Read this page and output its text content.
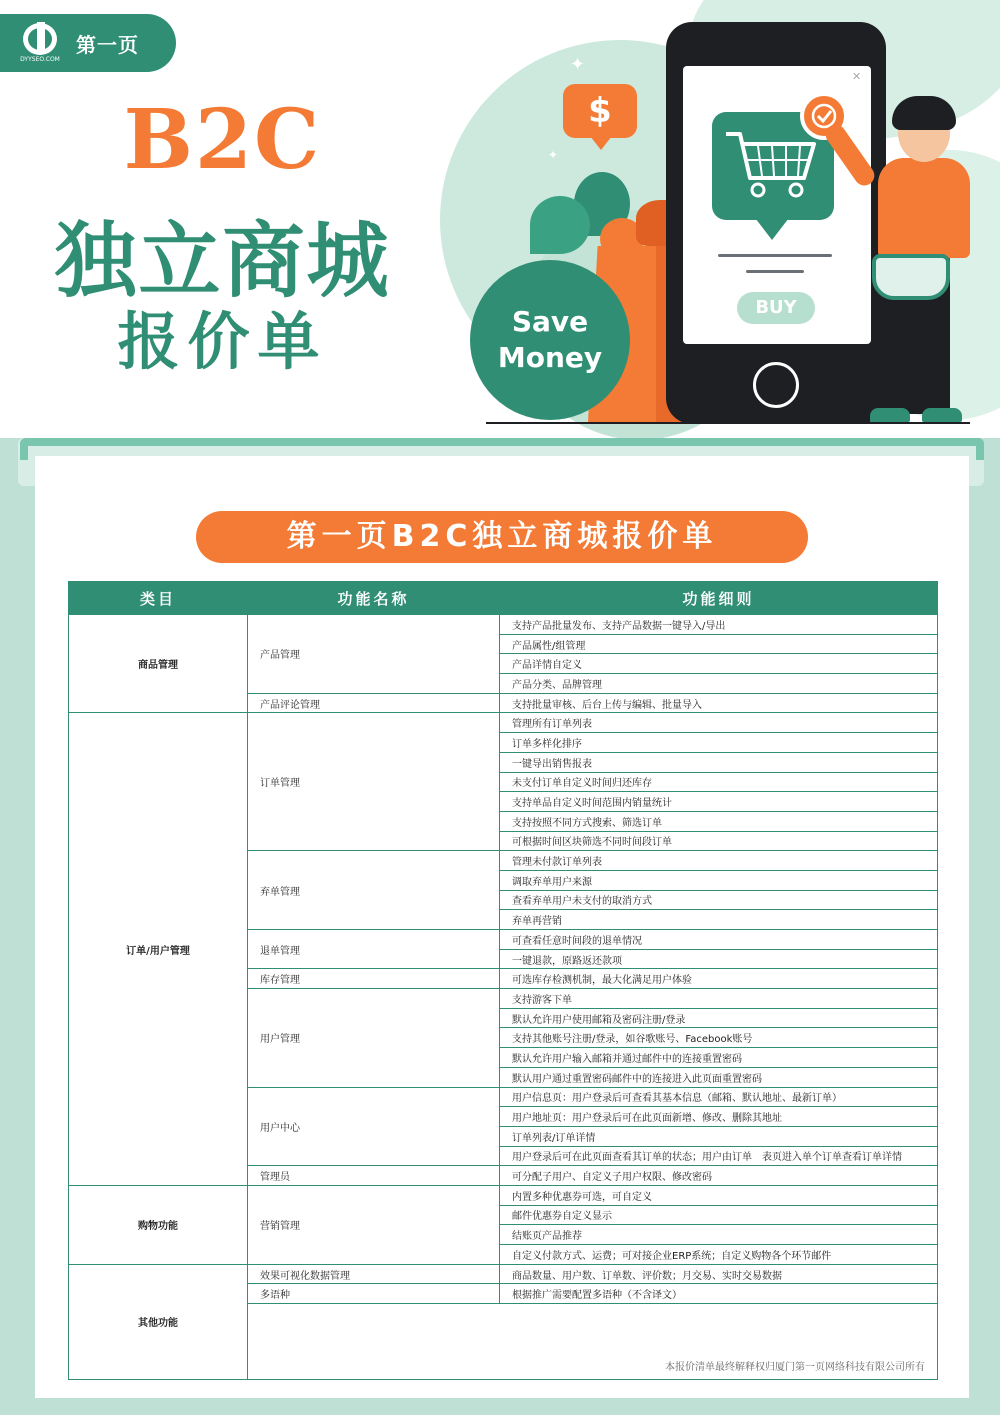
DYYSEO.COM
第一页
B2C
独立商城
报价单
$
✦
✦
Save
Money
✕
BUY
第一页B2C独立商城报价单
类目	功能名称	功能细则
商品管理	产品管理	支持产品批量发布、支持产品数据一键导入/导出
		产品属性/组管理
		产品详情自定义
		产品分类、品牌管理
	产品评论管理	支持批量审核、后台上传与编辑、批量导入
订单/用户管理	订单管理	管理所有订单列表
		订单多样化排序
		一键导出销售报表
		未支付订单自定义时间归还库存
		支持单品自定义时间范围内销量统计
		支持按照不同方式搜索、筛选订单
		可根据时间区块筛选不同时间段订单
	弃单管理	管理未付款订单列表
		调取弃单用户来源
		查看弃单用户未支付的取消方式
		弃单再营销
	退单管理	可查看任意时间段的退单情况
		一键退款，原路返还款项
	库存管理	可选库存检测机制，最大化满足用户体验
	用户管理	支持游客下单
		默认允许用户使用邮箱及密码注册/登录
		支持其他账号注册/登录，如谷歌账号、Facebook账号
		默认允许用户输入邮箱并通过邮件中的连接重置密码
		默认用户通过重置密码邮件中的连接进入此页面重置密码
	用户中心	用户信息页：用户登录后可查看其基本信息（邮箱、默认地址、最新订单）
		用户地址页：用户登录后可在此页面新增、修改、删除其地址
		订单列表/订单详情
		用户登录后可在此页面查看其订单的状态；用户由订单　表页进入单个订单查看订单详情
	管理员	可分配子用户、自定义子用户权限、修改密码
购物功能	营销管理	内置多种优惠券可选，可自定义
		邮件优惠券自定义显示
		结账页产品推荐
		自定义付款方式、运费；可对接企业ERP系统；自定义购物各个环节邮件
其他功能	效果可视化数据管理	商品数量、用户数、订单数、评价数；月交易、实时交易数据
	多语种	根据推广需要配置多语种（不含译文）
	本报价清单最终解释权归厦门第一页网络科技有限公司所有	
